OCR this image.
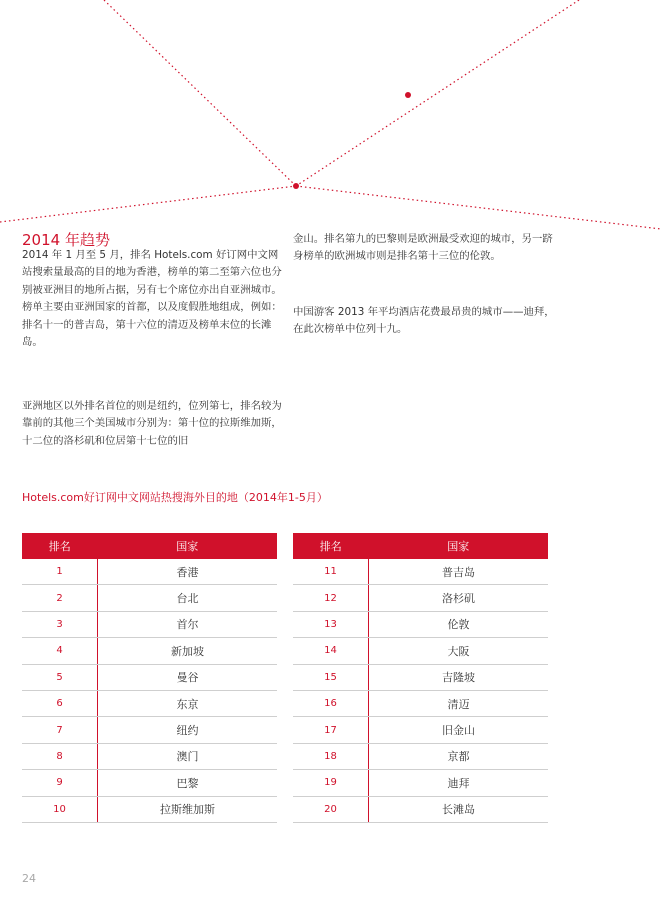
2014 年趋势

2014 年 1 月至 5 月，排名 Hotels.com 好订网中文网站搜索量最高的目的地为香港，榜单的第二至第六位也分别被亚洲目的地所占据，另有七个席位亦出自亚洲城市。榜单主要由亚洲国家的首都，以及度假胜地组成，例如：排名十一的普吉岛，第十六位的清迈及榜单末位的长滩岛。

亚洲地区以外排名首位的则是纽约，位列第七，排名较为靠前的其他三个美国城市分别为：第十位的拉斯维加斯，十二位的洛杉矶和位居第十七位的旧

金山。排名第九的巴黎则是欧洲最受欢迎的城市，另一跻身榜单的欧洲城市则是排名第十三位的伦敦。

中国游客 2013 年平均酒店花费最昂贵的城市——迪拜，在此次榜单中位列十九。

Hotels.com好订网中文网站热搜海外目的地（2014年1-5月）

排名	国家
1	香港
2	台北
3	首尔
4	新加坡
5	曼谷
6	东京
7	纽约
8	澳门
9	巴黎
10	拉斯维加斯
排名	国家
11	普吉岛
12	洛杉矶
13	伦敦
14	大阪
15	吉隆坡
16	清迈
17	旧金山
18	京都
19	迪拜
20	长滩岛
24
